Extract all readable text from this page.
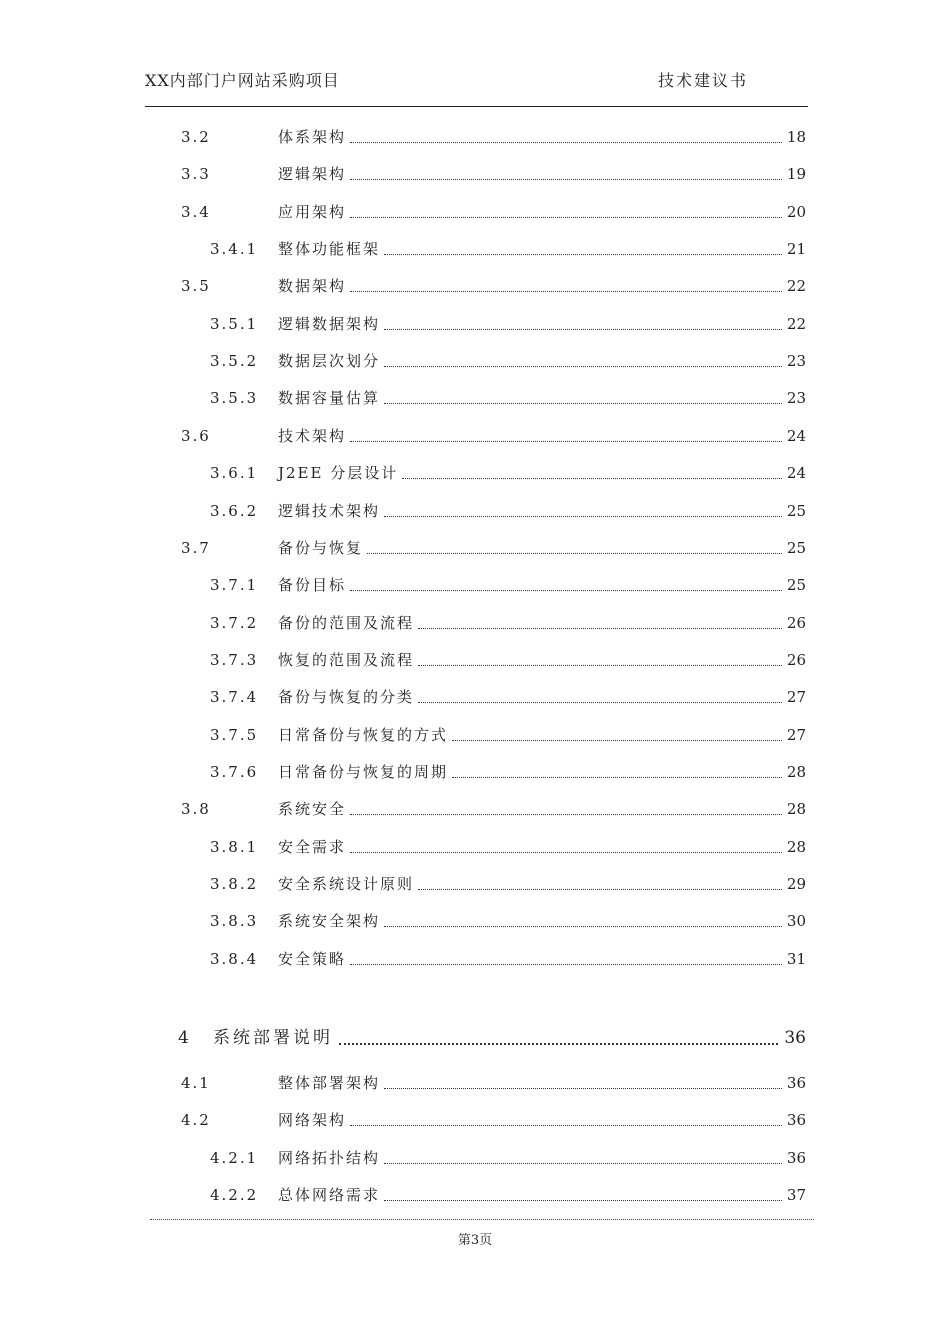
XX内部门户网站采购项目	技术建议书
3.2	体系架构	18
3.3	逻辑架构	19
3.4	应用架构	20
3.4.1 整体功能框架	21
3.5	数据架构	22
3.5.1 逻辑数据架构	22
3.5.2 数据层次划分	23
3.5.3 数据容量估算	23
3.6	技术架构	24
3.6.1 J2EE 分层设计	24
3.6.2 逻辑技术架构	25
3.7	备份与恢复	25
3.7.1 备份目标	25
3.7.2 备份的范围及流程	26
3.7.3 恢复的范围及流程	26
3.7.4 备份与恢复的分类	27
3.7.5 日常备份与恢复的方式	27
3.7.6 日常备份与恢复的周期	28
3.8	系统安全	28
3.8.1 安全需求	28
3.8.2 安全系统设计原则	29
3.8.3 系统安全架构	30
3.8.4 安全策略	31
4 系统部署说明	36
4.1	整体部署架构	36
4.2	网络架构	36
4.2.1 网络拓扑结构	36
4.2.2 总体网络需求	37
第3页
